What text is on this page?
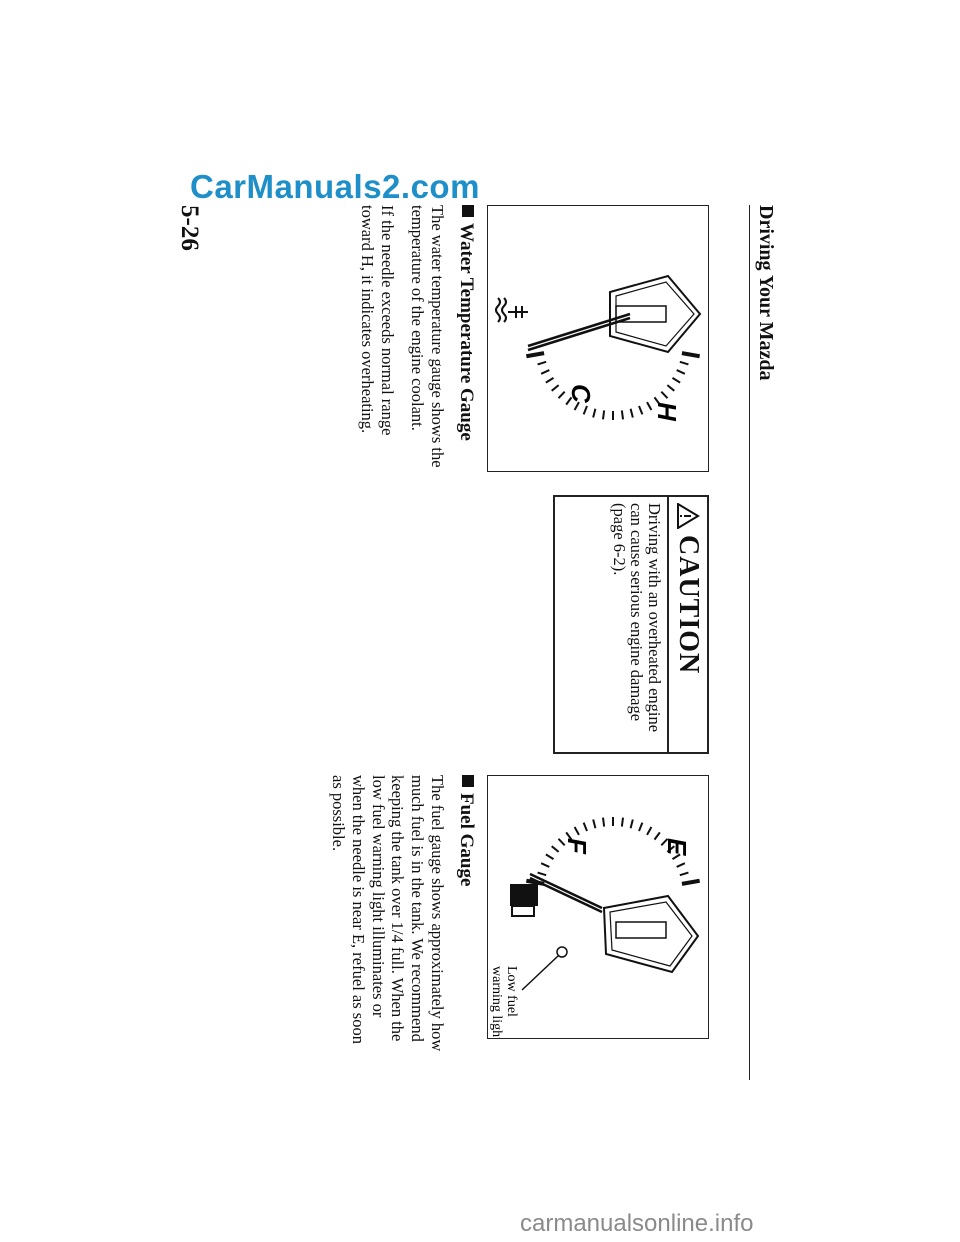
CarManuals2.com
Driving Your Mazda
H
C
CAUTION
Driving with an overheated engine
can cause serious engine damage
(page 6-2).
F	E
Low fuelwarning light
Water Temperature Gauge
The water temperature gauge shows the
temperature of the engine coolant.
If the needle exceeds normal range
toward H, it indicates overheating.
Fuel Gauge
The fuel gauge shows approximately how
much fuel is in the tank. We recommend
keeping the tank over 1/4 full. When the
low fuel warning light illuminates or
when the needle is near E, refuel as soon
as possible.
5-26
carmanualsonline.info
